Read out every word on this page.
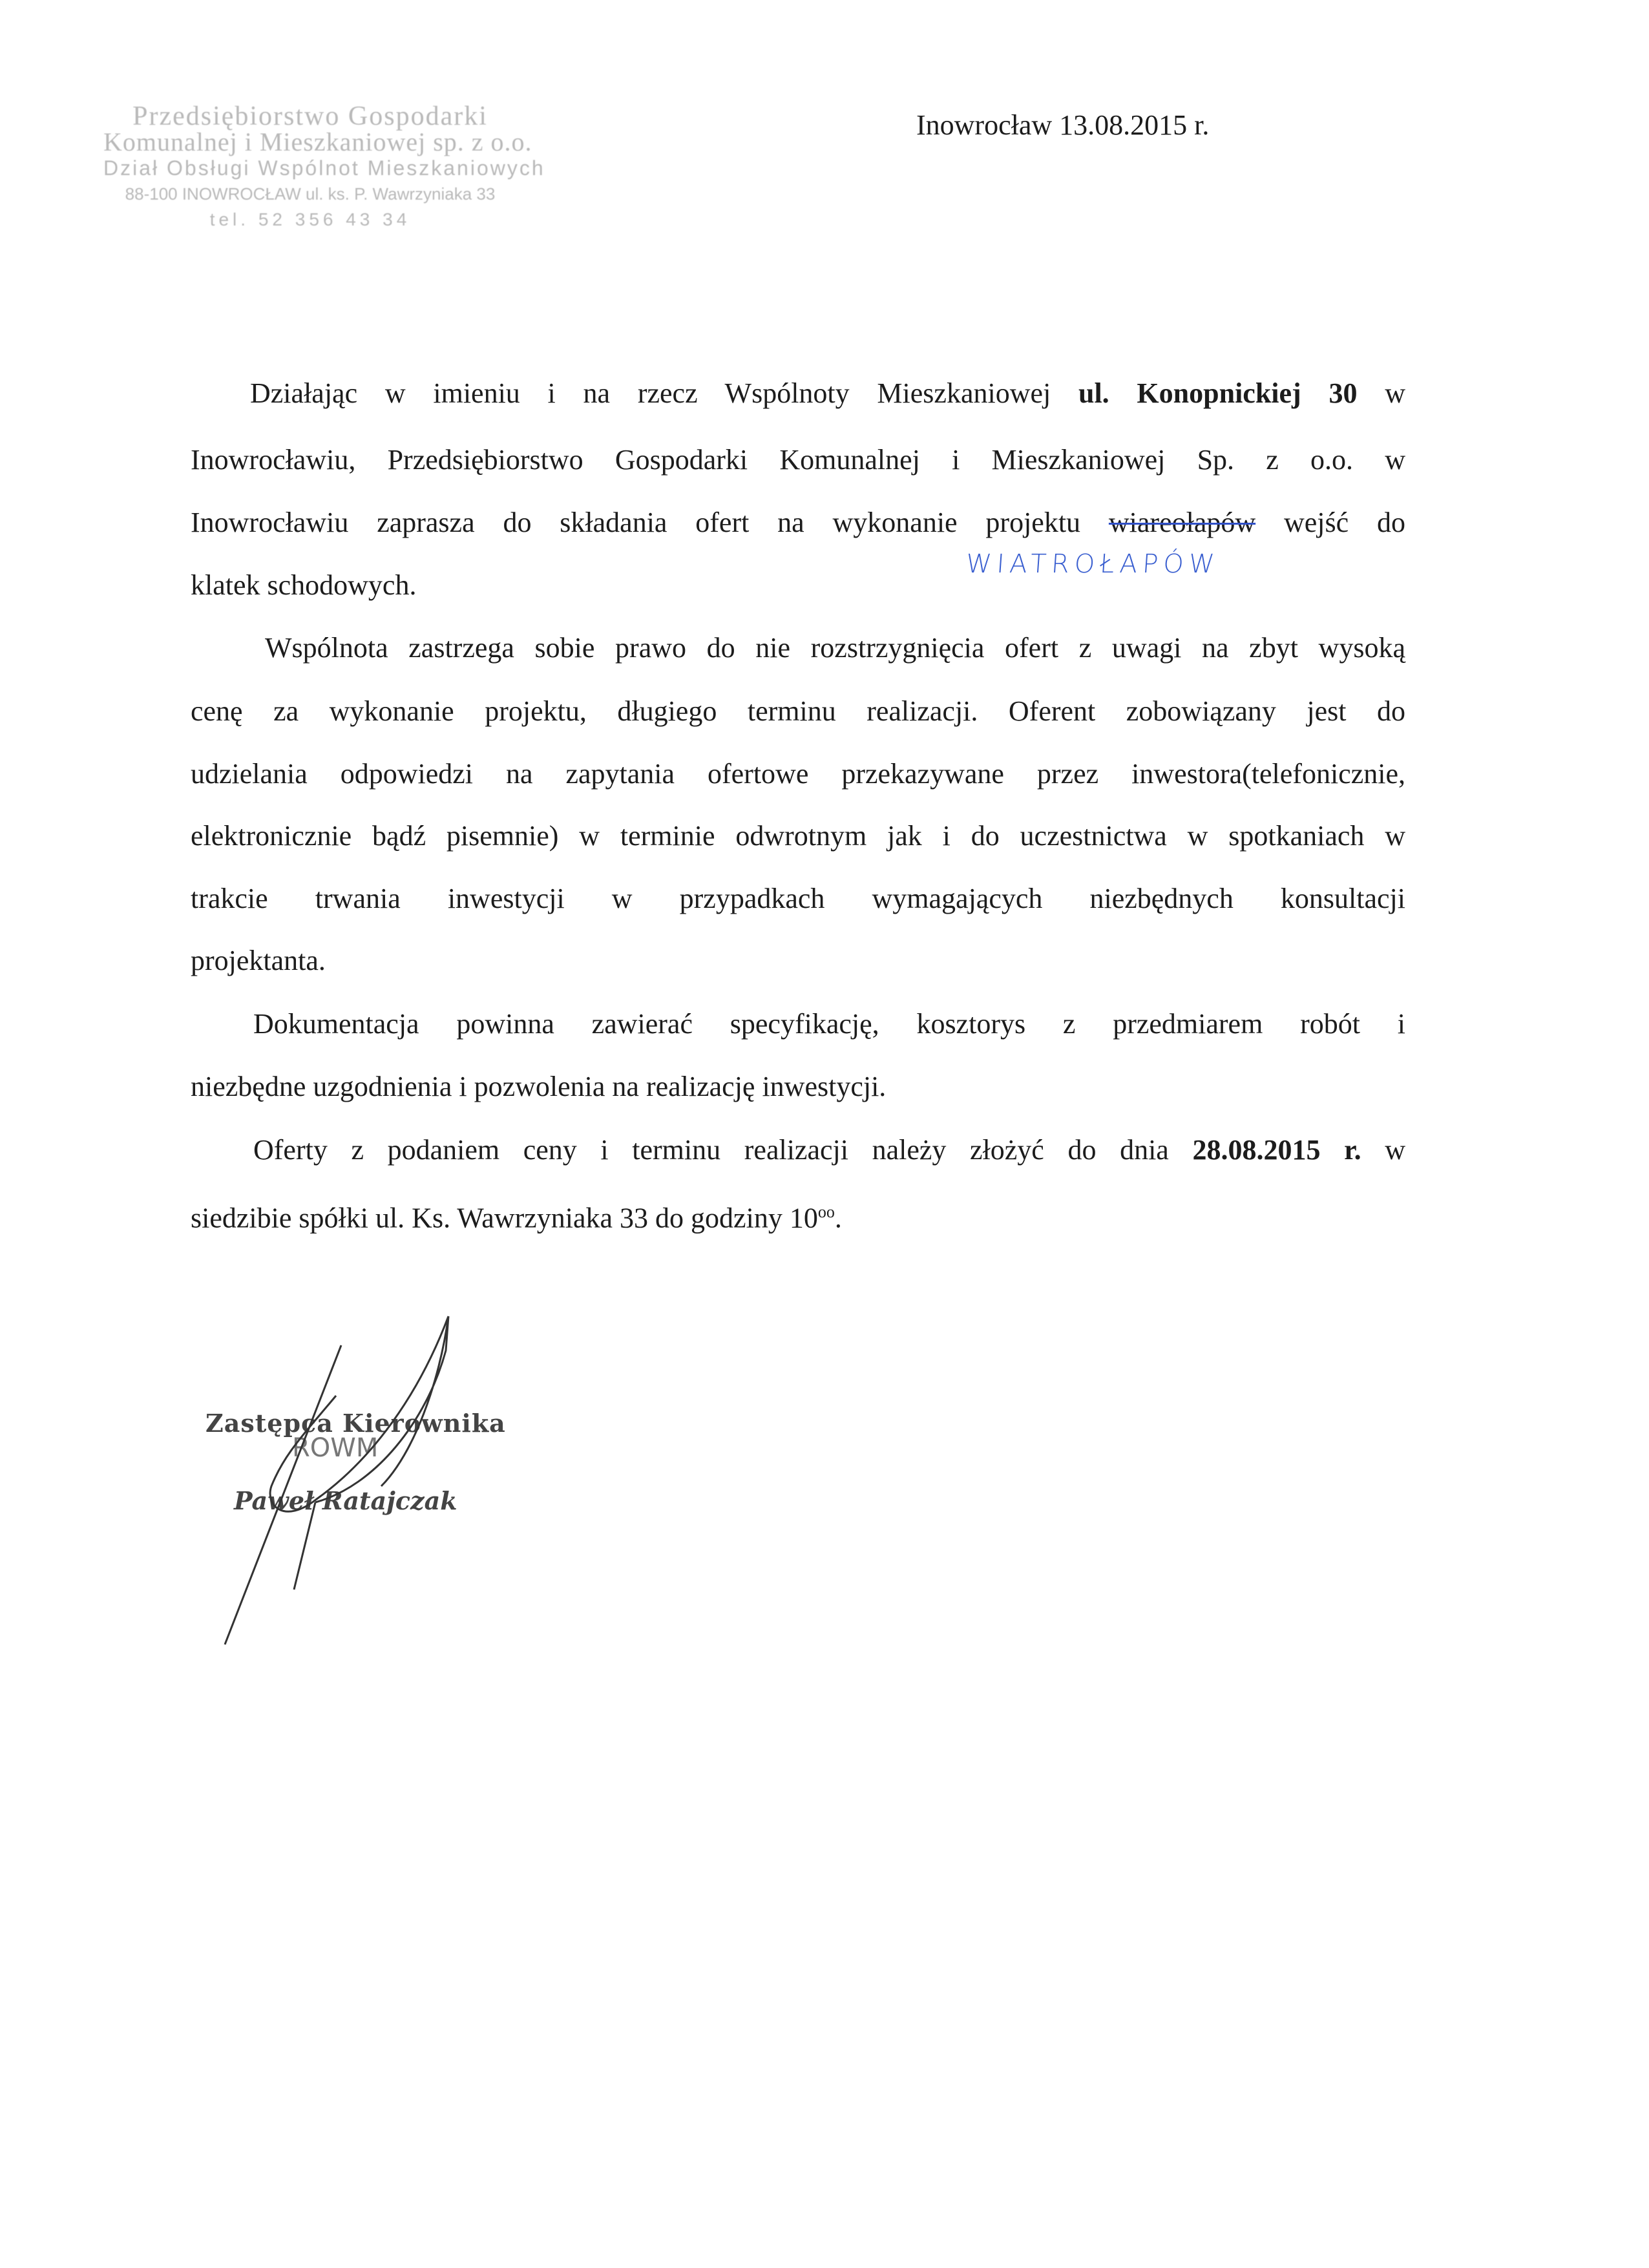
Przedsiębiorstwo Gospodarki
Komunalnej i Mieszkaniowej sp. z o.o.
Dział Obsługi Wspólnot Mieszkaniowych
88-100 INOWROCŁAW ul. ks. P. Wawrzyniaka 33
tel. 52 356 43 34
Inowrocław 13.08.2015 r.
Działając w imieniu i na rzecz Wspólnoty Mieszkaniowej ul. Konopnickiej 30 w
Inowrocławiu, Przedsiębiorstwo Gospodarki Komunalnej i Mieszkaniowej Sp. z o.o. w
Inowrocławiu zaprasza do składania ofert na wykonanie projektu wiareołapów wejść do
klatek schodowych.
WIATROŁAPÓW
Wspólnota zastrzega sobie prawo do nie rozstrzygnięcia ofert z uwagi na zbyt wysoką
cenę za wykonanie projektu, długiego terminu realizacji. Oferent zobowiązany jest do
udzielania odpowiedzi na zapytania ofertowe przekazywane przez inwestora(telefonicznie,
elektronicznie bądź pisemnie) w terminie odwrotnym jak i do uczestnictwa w spotkaniach w
trakcie trwania inwestycji w przypadkach wymagających niezbędnych konsultacji
projektanta.
Dokumentacja powinna zawierać specyfikację, kosztorys z przedmiarem robót i
niezbędne uzgodnienia i pozwolenia na realizację inwestycji.
Oferty z podaniem ceny i terminu realizacji należy złożyć do dnia 28.08.2015 r. w
siedzibie spółki ul. Ks. Wawrzyniaka 33 do godziny $10^{oo}$.
Zastępca Kierownika
ROWM
Paweł Ratajczak
